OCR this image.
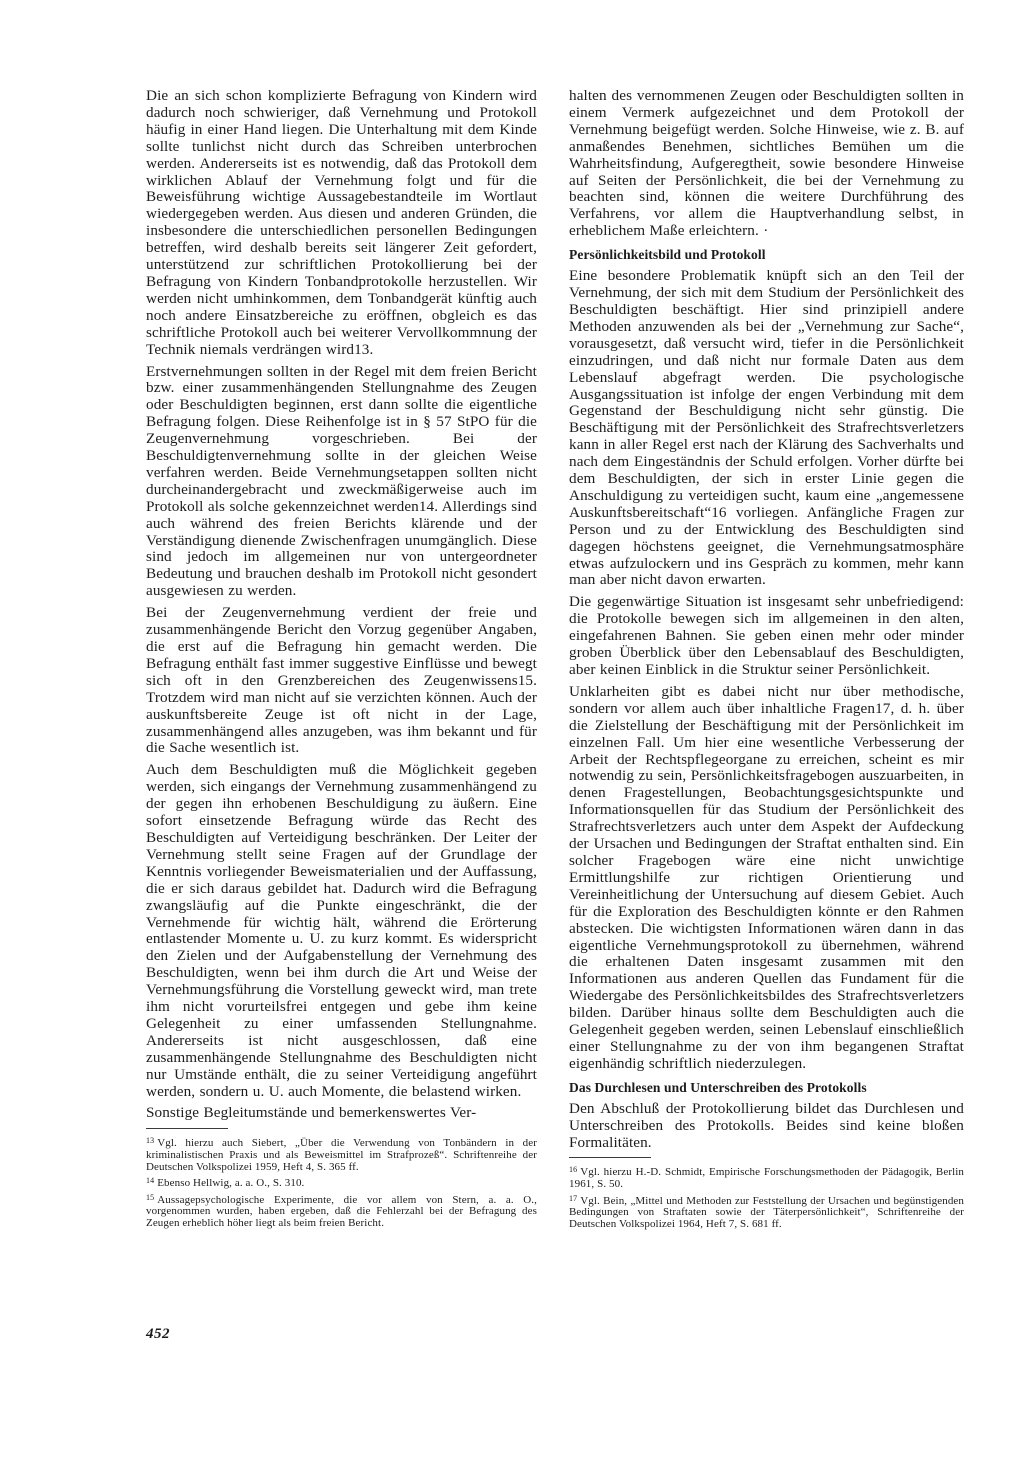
Die an sich schon komplizierte Befragung von Kindern wird dadurch noch schwieriger, daß Vernehmung und Protokoll häufig in einer Hand liegen. Die Unterhaltung mit dem Kinde sollte tunlichst nicht durch das Schreiben unterbrochen werden. Andererseits ist es notwendig, daß das Protokoll dem wirklichen Ablauf der Vernehmung folgt und für die Beweisführung wichtige Aussagebestandteile im Wortlaut wiedergegeben werden. Aus diesen und anderen Gründen, die insbesondere die unterschiedlichen personellen Bedingungen betreffen, wird deshalb bereits seit längerer Zeit gefordert, unterstützend zur schriftlichen Protokollierung bei der Befragung von Kindern Tonbandprotokolle herzustellen. Wir werden nicht umhinkommen, dem Tonbandgerät künftig auch noch andere Einsatzbereiche zu eröffnen, obgleich es das schriftliche Protokoll auch bei weiterer Vervollkommnung der Technik niemals verdrängen wird13.

Erstvernehmungen sollten in der Regel mit dem freien Bericht bzw. einer zusammenhängenden Stellungnahme des Zeugen oder Beschuldigten beginnen, erst dann sollte die eigentliche Befragung folgen. Diese Reihenfolge ist in § 57 StPO für die Zeugenvernehmung vorgeschrieben. Bei der Beschuldigtenvernehmung sollte in der gleichen Weise verfahren werden. Beide Vernehmungsetappen sollten nicht durcheinandergebracht und zweckmäßigerweise auch im Protokoll als solche gekennzeichnet werden14. Allerdings sind auch während des freien Berichts klärende und der Verständigung dienende Zwischenfragen unumgänglich. Diese sind jedoch im allgemeinen nur von untergeordneter Bedeutung und brauchen deshalb im Protokoll nicht gesondert ausgewiesen zu werden.

Bei der Zeugenvernehmung verdient der freie und zusammenhängende Bericht den Vorzug gegenüber Angaben, die erst auf die Befragung hin gemacht werden. Die Befragung enthält fast immer suggestive Einflüsse und bewegt sich oft in den Grenzbereichen des Zeugenwissens15. Trotzdem wird man nicht auf sie verzichten können. Auch der auskunftsbereite Zeuge ist oft nicht in der Lage, zusammenhängend alles anzugeben, was ihm bekannt und für die Sache wesentlich ist.

Auch dem Beschuldigten muß die Möglichkeit gegeben werden, sich eingangs der Vernehmung zusammenhängend zu der gegen ihn erhobenen Beschuldigung zu äußern. Eine sofort einsetzende Befragung würde das Recht des Beschuldigten auf Verteidigung beschränken. Der Leiter der Vernehmung stellt seine Fragen auf der Grundlage der Kenntnis vorliegender Beweismaterialien und der Auffassung, die er sich daraus gebildet hat. Dadurch wird die Befragung zwangsläufig auf die Punkte eingeschränkt, die der Vernehmende für wichtig hält, während die Erörterung entlastender Momente u. U. zu kurz kommt. Es widerspricht den Zielen und der Aufgabenstellung der Vernehmung des Beschuldigten, wenn bei ihm durch die Art und Weise der Vernehmungsführung die Vorstellung geweckt wird, man trete ihm nicht vorurteilsfrei entgegen und gebe ihm keine Gelegenheit zu einer umfassenden Stellungnahme. Andererseits ist nicht ausgeschlossen, daß eine zusammenhängende Stellungnahme des Beschuldigten nicht nur Umstände enthält, die zu seiner Verteidigung angeführt werden, sondern u. U. auch Momente, die belastend wirken.

Sonstige Begleitumstände und bemerkenswertes Ver-

$^{13}$ Vgl. hierzu auch Siebert, „Über die Verwendung von Tonbändern in der kriminalistischen Praxis und als Beweismittel im Strafprozeß“. Schriftenreihe der Deutschen Volkspolizei 1959, Heft 4, S. 365 ff.

$^{14}$ Ebenso Hellwig, a. a. O., S. 310.

$^{15}$ Aussagepsychologische Experimente, die vor allem von Stern, a. a. O., vorgenommen wurden, haben ergeben, daß die Fehlerzahl bei der Befragung des Zeugen erheblich höher liegt als beim freien Bericht.

halten des vernommenen Zeugen oder Beschuldigten sollten in einem Vermerk aufgezeichnet und dem Protokoll der Vernehmung beigefügt werden. Solche Hinweise, wie z. B. auf anmaßendes Benehmen, sichtliches Bemühen um die Wahrheitsfindung, Aufgeregtheit, sowie besondere Hinweise auf Seiten der Persönlichkeit, die bei der Vernehmung zu beachten sind, können die weitere Durchführung des Verfahrens, vor allem die Hauptverhandlung selbst, in erheblichem Maße erleichtern. ·

Persönlichkeitsbild und Protokoll

Eine besondere Problematik knüpft sich an den Teil der Vernehmung, der sich mit dem Studium der Persönlichkeit des Beschuldigten beschäftigt. Hier sind prinzipiell andere Methoden anzuwenden als bei der „Vernehmung zur Sache“, vorausgesetzt, daß versucht wird, tiefer in die Persönlichkeit einzudringen, und daß nicht nur formale Daten aus dem Lebenslauf abgefragt werden. Die psychologische Ausgangssituation ist infolge der engen Verbindung mit dem Gegenstand der Beschuldigung nicht sehr günstig. Die Beschäftigung mit der Persönlichkeit des Strafrechtsverletzers kann in aller Regel erst nach der Klärung des Sachverhalts und nach dem Eingeständnis der Schuld erfolgen. Vorher dürfte bei dem Beschuldigten, der sich in erster Linie gegen die Anschuldigung zu verteidigen sucht, kaum eine „angemessene Auskunftsbereitschaft“16 vorliegen. Anfängliche Fragen zur Person und zu der Entwicklung des Beschuldigten sind dagegen höchstens geeignet, die Vernehmungsatmosphäre etwas aufzulockern und ins Gespräch zu kommen, mehr kann man aber nicht davon erwarten.

Die gegenwärtige Situation ist insgesamt sehr unbefriedigend: die Protokolle bewegen sich im allgemeinen in den alten, eingefahrenen Bahnen. Sie geben einen mehr oder minder groben Überblick über den Lebensablauf des Beschuldigten, aber keinen Einblick in die Struktur seiner Persönlichkeit.

Unklarheiten gibt es dabei nicht nur über methodische, sondern vor allem auch über inhaltliche Fragen17, d. h. über die Zielstellung der Beschäftigung mit der Persönlichkeit im einzelnen Fall. Um hier eine wesentliche Verbesserung der Arbeit der Rechtspflegeorgane zu erreichen, scheint es mir notwendig zu sein, Persönlichkeitsfragebogen auszuarbeiten, in denen Fragestellungen, Beobachtungsgesichtspunkte und Informationsquellen für das Studium der Persönlichkeit des Strafrechtsverletzers auch unter dem Aspekt der Aufdeckung der Ursachen und Bedingungen der Straftat enthalten sind. Ein solcher Fragebogen wäre eine nicht unwichtige Ermittlungshilfe zur richtigen Orientierung und Vereinheitlichung der Untersuchung auf diesem Gebiet. Auch für die Exploration des Beschuldigten könnte er den Rahmen abstecken. Die wichtigsten Informationen wären dann in das eigentliche Vernehmungsprotokoll zu übernehmen, während die erhaltenen Daten insgesamt zusammen mit den Informationen aus anderen Quellen das Fundament für die Wiedergabe des Persönlichkeitsbildes des Strafrechtsverletzers bilden. Darüber hinaus sollte dem Beschuldigten auch die Gelegenheit gegeben werden, seinen Lebenslauf einschließlich einer Stellungnahme zu der von ihm begangenen Straftat eigenhändig schriftlich niederzulegen.

Das Durchlesen und Unterschreiben des Protokolls

Den Abschluß der Protokollierung bildet das Durchlesen und Unterschreiben des Protokolls. Beides sind keine bloßen Formalitäten.

$^{16}$ Vgl. hierzu H.-D. Schmidt, Empirische Forschungsmethoden der Pädagogik, Berlin 1961, S. 50.

$^{17}$ Vgl. Bein, „Mittel und Methoden zur Feststellung der Ursachen und begünstigenden Bedingungen von Straftaten sowie der Täterpersönlichkeit“, Schriftenreihe der Deutschen Volkspolizei 1964, Heft 7, S. 681 ff.

452
